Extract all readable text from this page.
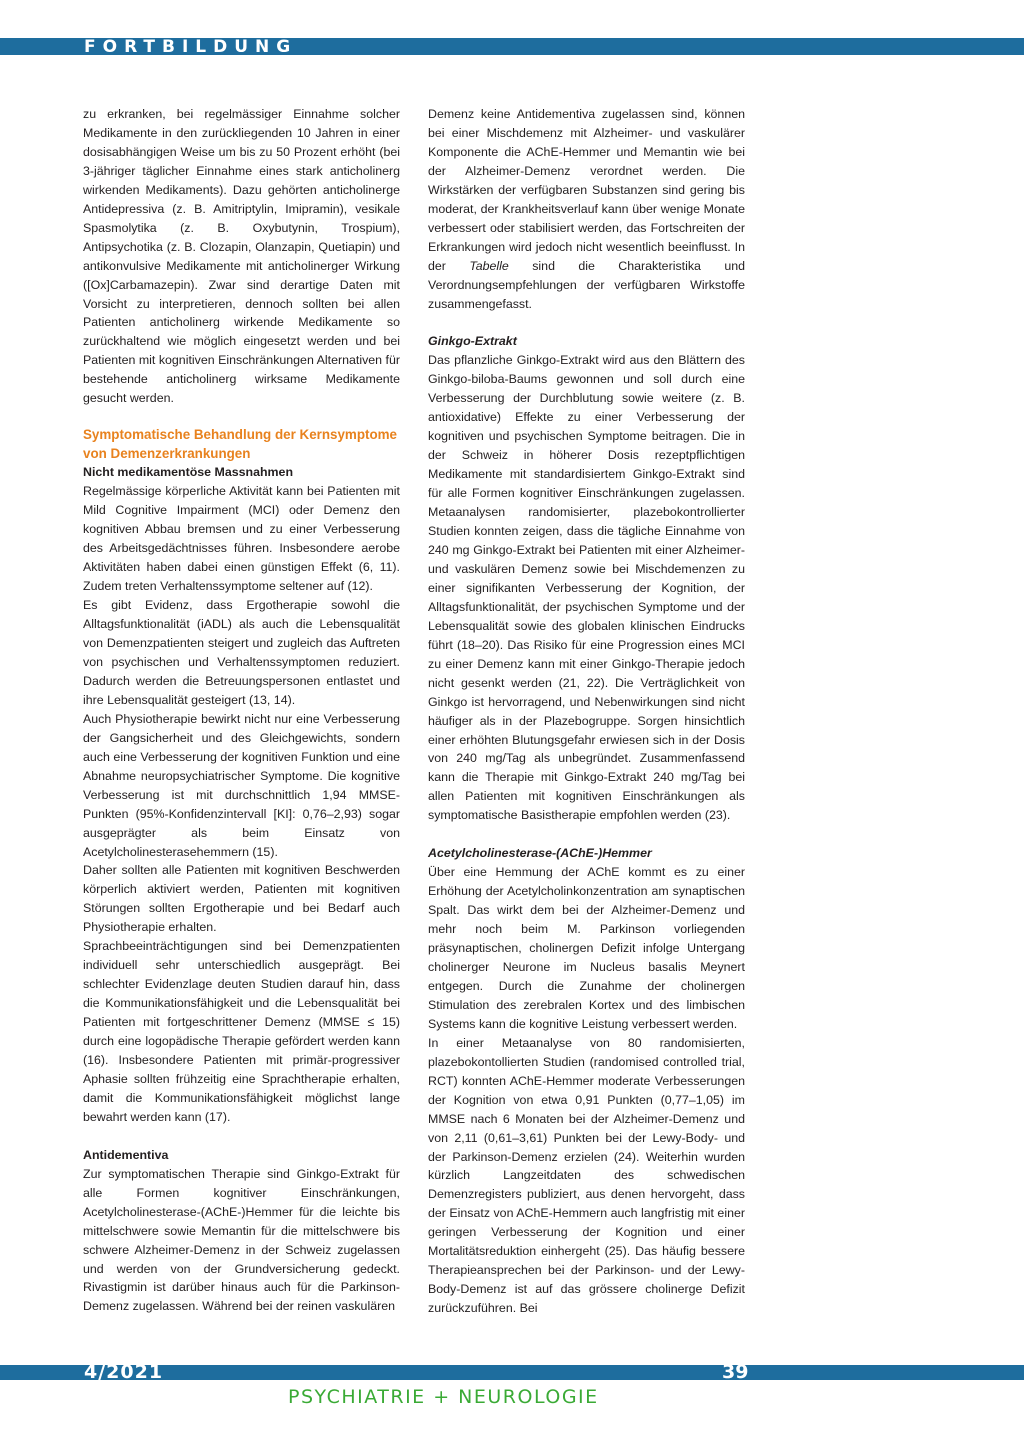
FORTBILDUNG

zu erkranken, bei regelmässiger Einnahme solcher Medikamente in den zurückliegenden 10 Jahren in einer dosisabhängigen Weise um bis zu 50 Prozent erhöht (bei 3-jähriger täglicher Einnahme eines stark anticholinerg wirkenden Medikaments). Dazu gehörten anticholinerge Antidepressiva (z. B. Amitriptylin, Imipramin), vesikale Spasmolytika (z. B. Oxybutynin, Trospium), Antipsychotika (z. B. Clozapin, Olanzapin, Quetiapin) und antikonvulsive Medikamente mit anticholinerger Wirkung ([Ox]Carbamazepin). Zwar sind derartige Daten mit Vorsicht zu interpretieren, dennoch sollten bei allen Patienten anticholinerg wirkende Medikamente so zurückhaltend wie möglich eingesetzt werden und bei Patienten mit kognitiven Einschränkungen Alternativen für bestehende anticholinerg wirksame Medikamente gesucht werden.

Symptomatische Behandlung der Kernsymptome von Demenzerkrankungen

Nicht medikamentöse Massnahmen

Regelmässige körperliche Aktivität kann bei Patienten mit Mild Cognitive Impairment (MCI) oder Demenz den kognitiven Abbau bremsen und zu einer Verbesserung des Arbeitsgedächtnisses führen. Insbesondere aerobe Aktivitäten haben dabei einen günstigen Effekt (6, 11). Zudem treten Verhaltenssymptome seltener auf (12).

Es gibt Evidenz, dass Ergotherapie sowohl die Alltagsfunktionalität (iADL) als auch die Lebensqualität von Demenzpatienten steigert und zugleich das Auftreten von psychischen und Verhaltenssymptomen reduziert. Dadurch werden die Betreuungspersonen entlastet und ihre Lebensqualität gesteigert (13, 14).

Auch Physiotherapie bewirkt nicht nur eine Verbesserung der Gangsicherheit und des Gleichgewichts, sondern auch eine Verbesserung der kognitiven Funktion und eine Abnahme neuropsychiatrischer Symptome. Die kognitive Verbesserung ist mit durchschnittlich 1,94 MMSE-Punkten (95%-Konfidenzintervall [KI]: 0,76–2,93) sogar ausgeprägter als beim Einsatz von Acetylcholinesterasehemmern (15).

Daher sollten alle Patienten mit kognitiven Beschwerden körperlich aktiviert werden, Patienten mit kognitiven Störungen sollten Ergotherapie und bei Bedarf auch Physiotherapie erhalten.

Sprachbeeinträchtigungen sind bei Demenzpatienten individuell sehr unterschiedlich ausgeprägt. Bei schlechter Evidenzlage deuten Studien darauf hin, dass die Kommunikationsfähigkeit und die Lebensqualität bei Patienten mit fortgeschrittener Demenz (MMSE ≤ 15) durch eine logopädische Therapie gefördert werden kann (16). Insbesondere Patienten mit primär-progressiver Aphasie sollten frühzeitig eine Sprachtherapie erhalten, damit die Kommunikationsfähigkeit möglichst lange bewahrt werden kann (17).

Antidementiva

Zur symptomatischen Therapie sind Ginkgo-Extrakt für alle Formen kognitiver Einschränkungen, Acetylcholinesterase-(AChE-)Hemmer für die leichte bis mittelschwere sowie Memantin für die mittelschwere bis schwere Alzheimer-Demenz in der Schweiz zugelassen und werden von der Grundversicherung gedeckt. Rivastigmin ist darüber hinaus auch für die Parkinson-Demenz zugelassen. Während bei der reinen vaskulären

Demenz keine Antidementiva zugelassen sind, können bei einer Mischdemenz mit Alzheimer- und vaskulärer Komponente die AChE-Hemmer und Memantin wie bei der Alzheimer-Demenz verordnet werden. Die Wirkstärken der verfügbaren Substanzen sind gering bis moderat, der Krankheitsverlauf kann über wenige Monate verbessert oder stabilisiert werden, das Fortschreiten der Erkrankungen wird jedoch nicht wesentlich beeinflusst. In der Tabelle sind die Charakteristika und Verordnungsempfehlungen der verfügbaren Wirkstoffe zusammengefasst.

Ginkgo-Extrakt

Das pflanzliche Ginkgo-Extrakt wird aus den Blättern des Ginkgo-biloba-Baums gewonnen und soll durch eine Verbesserung der Durchblutung sowie weitere (z. B. antioxidative) Effekte zu einer Verbesserung der kognitiven und psychischen Symptome beitragen. Die in der Schweiz in höherer Dosis rezeptpflichtigen Medikamente mit standardisiertem Ginkgo-Extrakt sind für alle Formen kognitiver Einschränkungen zugelassen. Metaanalysen randomisierter, plazebokontrollierter Studien konnten zeigen, dass die tägliche Einnahme von 240 mg Ginkgo-Extrakt bei Patienten mit einer Alzheimer- und vaskulären Demenz sowie bei Mischdemenzen zu einer signifikanten Verbesserung der Kognition, der Alltagsfunktionalität, der psychischen Symptome und der Lebensqualität sowie des globalen klinischen Eindrucks führt (18–20). Das Risiko für eine Progression eines MCI zu einer Demenz kann mit einer Ginkgo-Therapie jedoch nicht gesenkt werden (21, 22). Die Verträglichkeit von Ginkgo ist hervorragend, und Nebenwirkungen sind nicht häufiger als in der Plazebogruppe. Sorgen hinsichtlich einer erhöhten Blutungsgefahr erwiesen sich in der Dosis von 240 mg/Tag als unbegründet. Zusammenfassend kann die Therapie mit Ginkgo-Extrakt 240 mg/Tag bei allen Patienten mit kognitiven Einschränkungen als symptomatische Basistherapie empfohlen werden (23).

Acetylcholinesterase-(AChE-)Hemmer

Über eine Hemmung der AChE kommt es zu einer Erhöhung der Acetylcholinkonzentration am synaptischen Spalt. Das wirkt dem bei der Alzheimer-Demenz und mehr noch beim M. Parkinson vorliegenden präsynaptischen, cholinergen Defizit infolge Untergang cholinerger Neurone im Nucleus basalis Meynert entgegen. Durch die Zunahme der cholinergen Stimulation des zerebralen Kortex und des limbischen Systems kann die kognitive Leistung verbessert werden.

In einer Metaanalyse von 80 randomisierten, plazebokontollierten Studien (randomised controlled trial, RCT) konnten AChE-Hemmer moderate Verbesserungen der Kognition von etwa 0,91 Punkten (0,77–1,05) im MMSE nach 6 Monaten bei der Alzheimer-Demenz und von 2,11 (0,61–3,61) Punkten bei der Lewy-Body- und der Parkinson-Demenz erzielen (24). Weiterhin wurden kürzlich Langzeitdaten des schwedischen Demenzregisters publiziert, aus denen hervorgeht, dass der Einsatz von AChE-Hemmern auch langfristig mit einer geringen Verbesserung der Kognition und einer Mortalitätsreduktion einhergeht (25). Das häufig bessere Therapieansprechen bei der Parkinson- und der Lewy-Body-Demenz ist auf das grössere cholinerge Defizit zurückzuführen. Bei

4/2021	39
PSYCHIATRIE + NEUROLOGIE
